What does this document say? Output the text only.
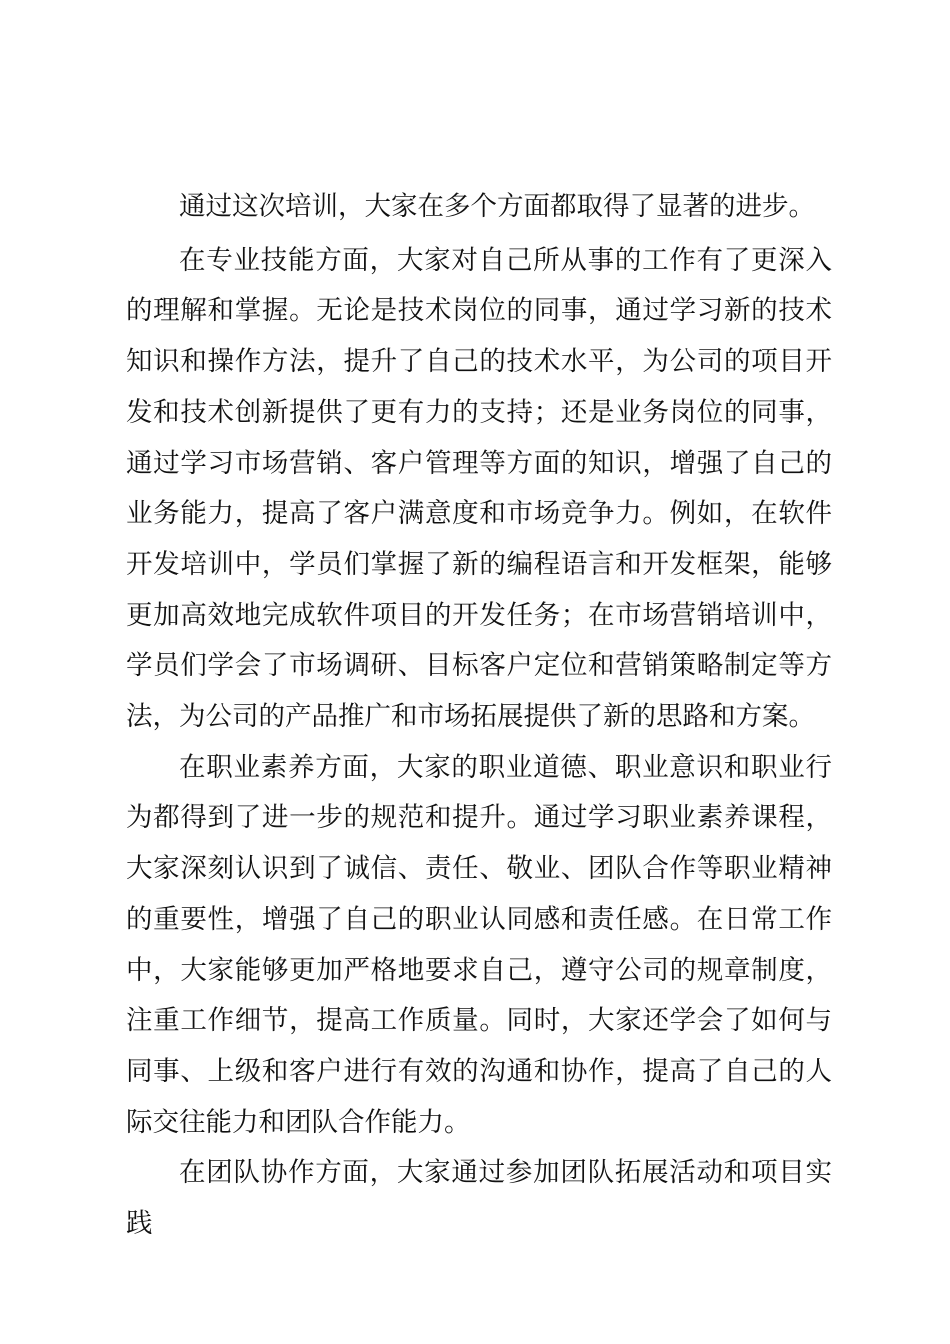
通过这次培训，大家在多个方面都取得了显著的进步。

在专业技能方面，大家对自己所从事的工作有了更深入的理解和掌握。无论是技术岗位的同事，通过学习新的技术知识和操作方法，提升了自己的技术水平，为公司的项目开发和技术创新提供了更有力的支持；还是业务岗位的同事，通过学习市场营销、客户管理等方面的知识，增强了自己的业务能力，提高了客户满意度和市场竞争力。例如，在软件开发培训中，学员们掌握了新的编程语言和开发框架，能够更加高效地完成软件项目的开发任务；在市场营销培训中，学员们学会了市场调研、目标客户定位和营销策略制定等方法，为公司的产品推广和市场拓展提供了新的思路和方案。

在职业素养方面，大家的职业道德、职业意识和职业行为都得到了进一步的规范和提升。通过学习职业素养课程，大家深刻认识到了诚信、责任、敬业、团队合作等职业精神的重要性，增强了自己的职业认同感和责任感。在日常工作中，大家能够更加严格地要求自己，遵守公司的规章制度，注重工作细节，提高工作质量。同时，大家还学会了如何与同事、上级和客户进行有效的沟通和协作，提高了自己的人际交往能力和团队合作能力。

在团队协作方面，大家通过参加团队拓展活动和项目实践
